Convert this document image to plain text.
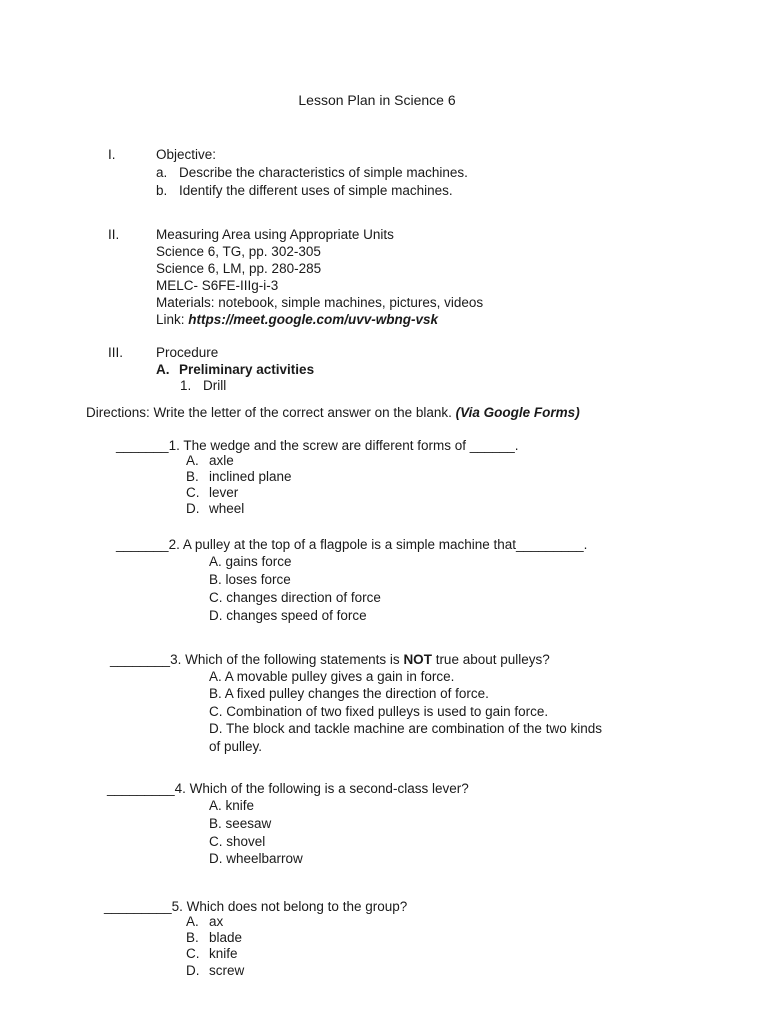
Lesson Plan in Science 6
I.	Objective:
a. Describe the characteristics of simple machines.
b. Identify the different uses of simple machines.
II.	Measuring Area using Appropriate Units
Science 6, TG, pp. 302-305
Science 6, LM, pp. 280-285
MELC- S6FE-IIIg-i-3
Materials: notebook, simple machines, pictures, videos
Link: https://meet.google.com/uvv-wbng-vsk
III. Procedure
A. Preliminary activities
1. Drill
Directions: Write the letter of the correct answer on the blank. (Via Google Forms)
_______1. The wedge and the screw are different forms of ______.
A. axle
B. inclined plane
C. lever
D. wheel
_______2. A pulley at the top of a flagpole is a simple machine that_________.
A. gains force
B. loses force
C. changes direction of force
D. changes speed of force
________3. Which of the following statements is NOT true about pulleys?
A. A movable pulley gives a gain in force.
B. A fixed pulley changes the direction of force.
C. Combination of two fixed pulleys is used to gain force.
D. The block and tackle machine are combination of the two kinds
of pulley.
_________4. Which of the following is a second-class lever?
A. knife
B. seesaw
C. shovel
D. wheelbarrow
_________5. Which does not belong to the group?
A. ax
B. blade
C. knife
D. screw
